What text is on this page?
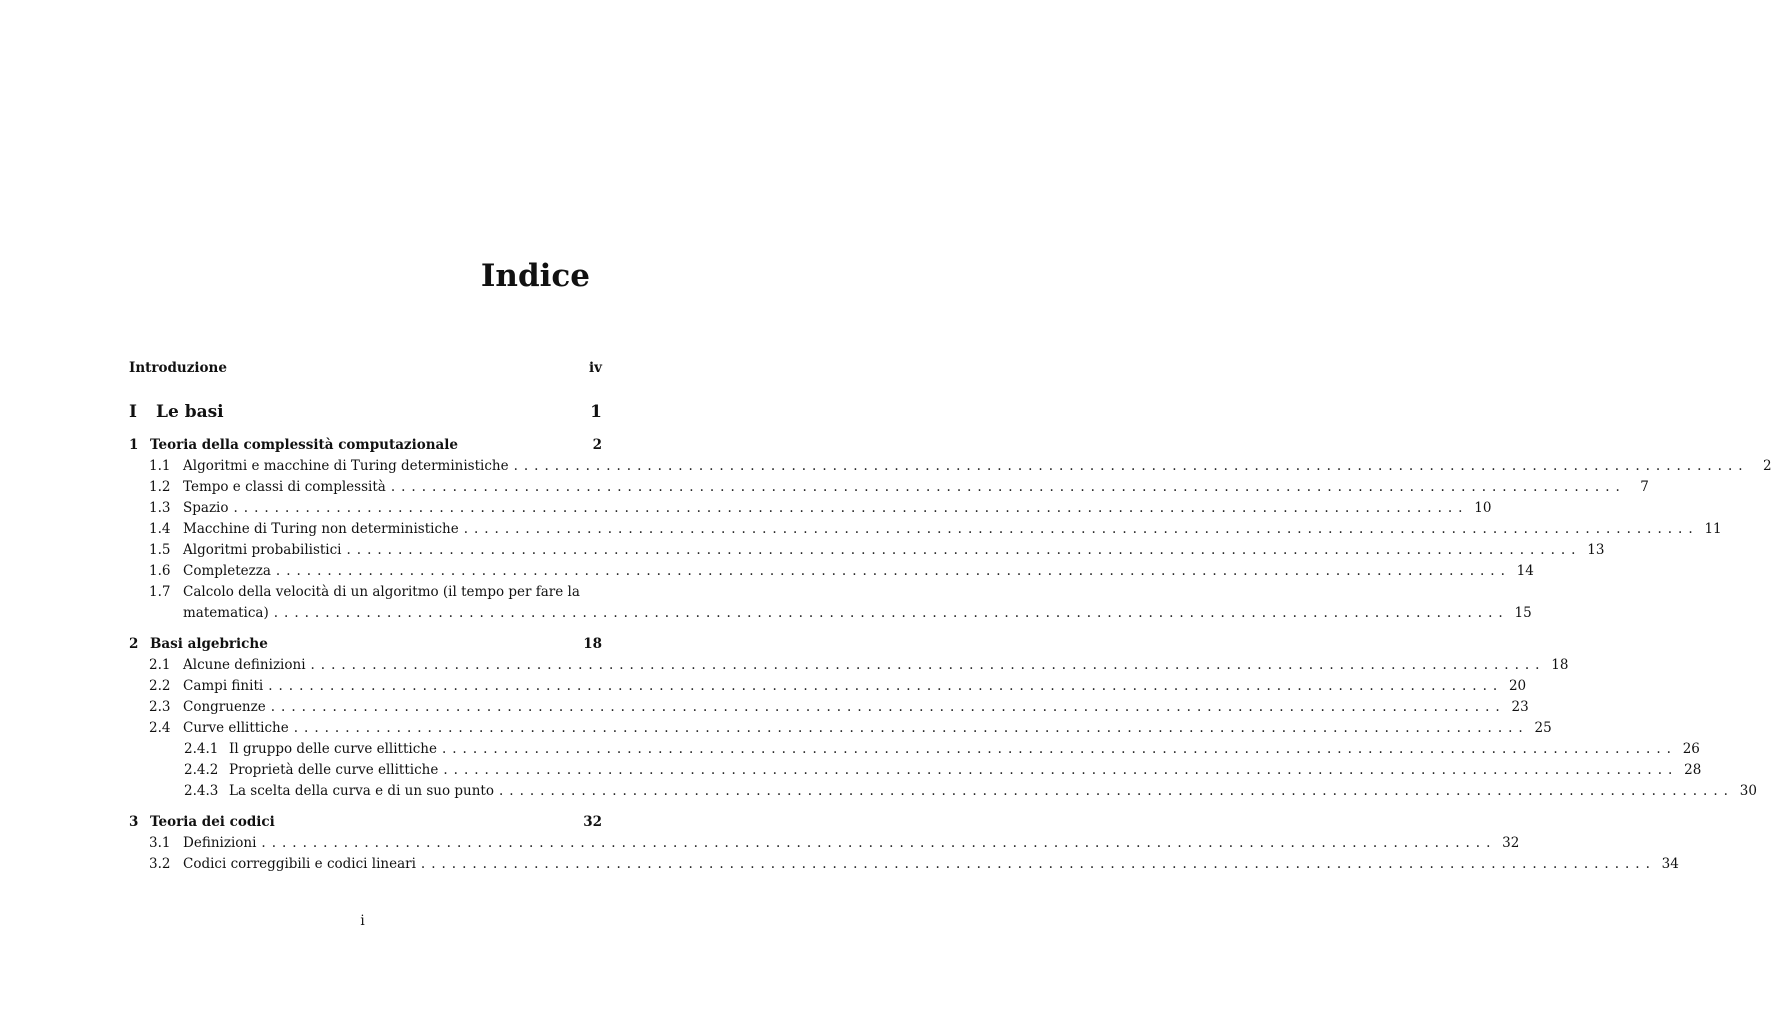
Indice
Introduzione	iv
I	Le basi	1
1 Teoria della complessità computazionale	2
1.1 Algoritmi e macchine di Turing deterministiche ........................................................................................................................	2
1.2 Tempo e classi di complessità ........................................................................................................................	7
1.3 Spazio ........................................................................................................................ 10
1.4 Macchine di Turing non deterministiche ........................................................................................................................ 11
1.5 Algoritmi probabilistici ........................................................................................................................ 13
1.6 Completezza ........................................................................................................................ 14
1.7 Calcolo della velocità di un algoritmo (il tempo per fare la
matematica) ........................................................................................................................ 15
2 Basi algebriche	18
2.1 Alcune definizioni ........................................................................................................................ 18
2.2 Campi finiti ........................................................................................................................ 20
2.3 Congruenze ........................................................................................................................ 23
2.4 Curve ellittiche ........................................................................................................................ 25
2.4.1 Il gruppo delle curve ellittiche ........................................................................................................................ 26
2.4.2 Proprietà delle curve ellittiche ........................................................................................................................ 28
2.4.3 La scelta della curva e di un suo punto ........................................................................................................................ 30
3 Teoria dei codici	32
3.1 Definizioni ........................................................................................................................ 32
3.2 Codici correggibili e codici lineari ........................................................................................................................ 34
i
